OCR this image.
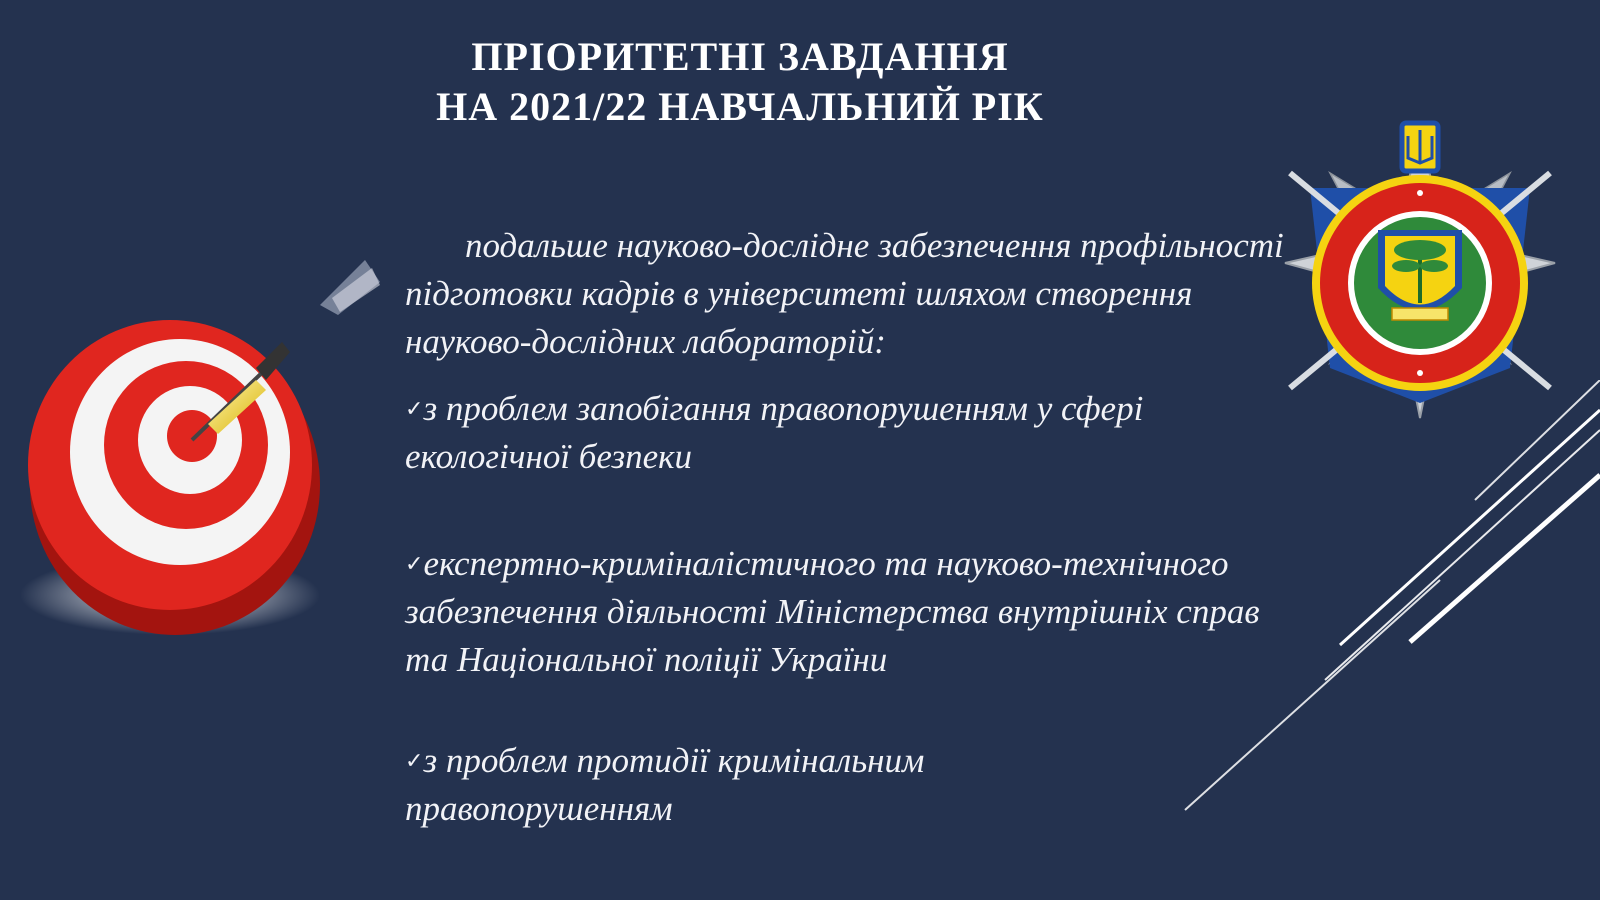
ПРІОРИТЕТНІ ЗАВДАННЯ
НА 2021/22 НАВЧАЛЬНИЙ РІК

подальше науково-дослідне забезпечення профільності підготовки кадрів в університеті шляхом створення науково-дослідних лабораторій:

✓з проблем запобігання правопорушенням у сфері екологічної безпеки

✓експертно-криміналістичного та науково-технічного забезпечення діяльності Міністерства внутрішніх справ та Національної поліції України

✓з проблем протидії кримінальним правопорушенням
